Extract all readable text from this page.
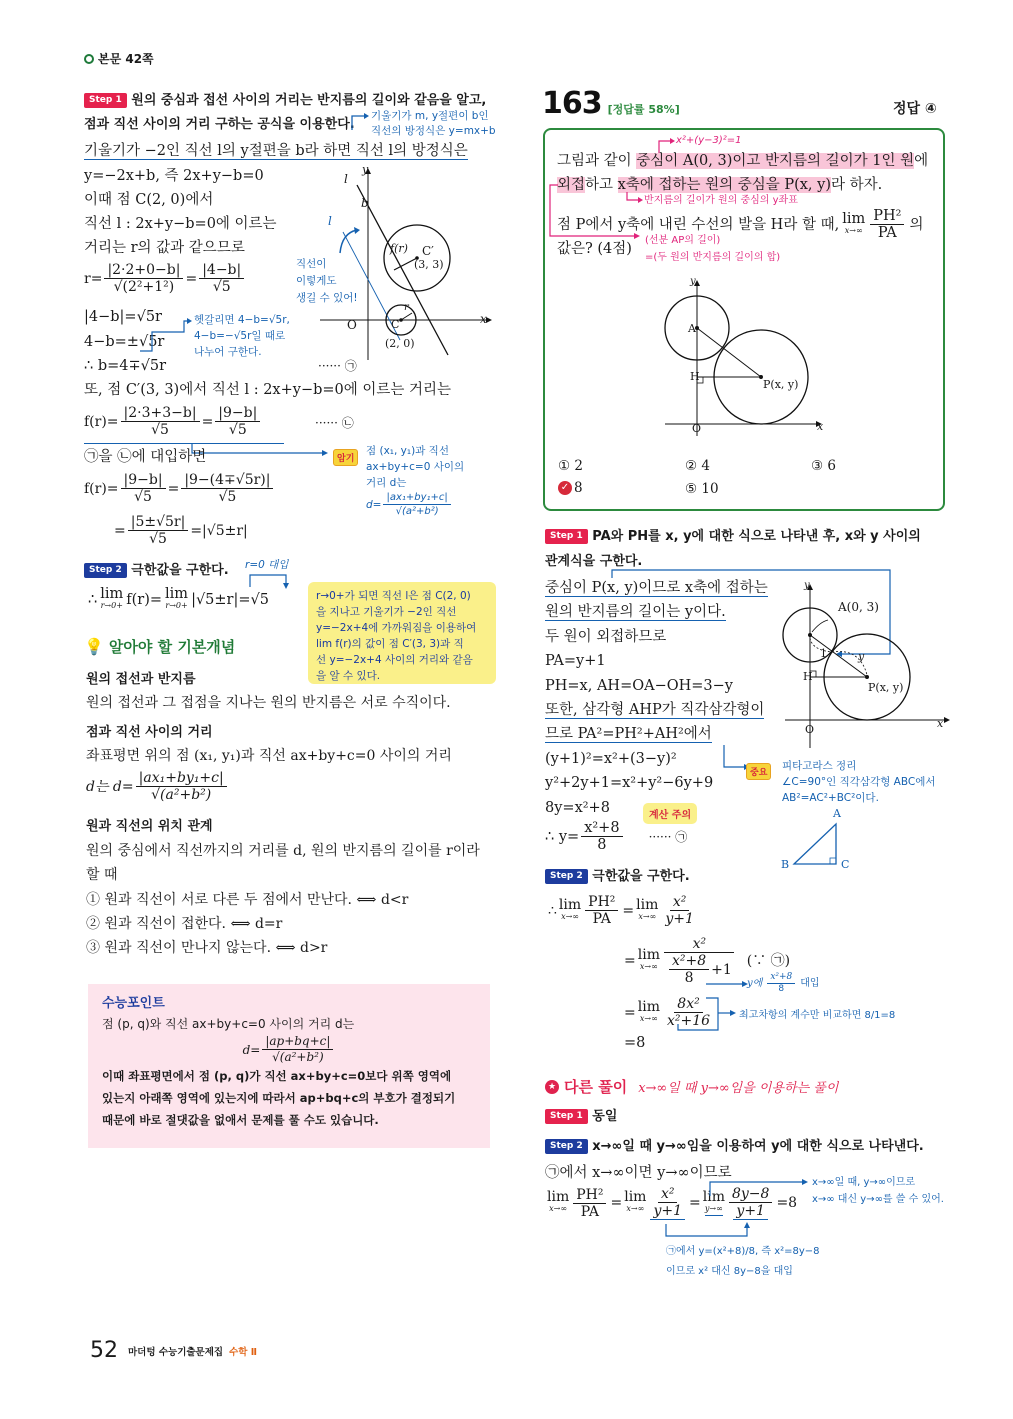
본문 42쪽
Step 1 원의 중심과 접선 사이의 거리는 반지름의 길이와 같음을 알고,
점과 직선 사이의 거리 구하는 공식을 이용한다.
기울기가 m, y절편이 b인
직선의 방정식은 y=mx+b
기울기가 −2인 직선 l의 y절편을 b라 하면 직선 l의 방정식은
y=−2x+b, 즉 2x+y−b=0
이때 점 C(2, 0)에서
직선 l : 2x+y−b=0에 이르는
거리는 r의 값과 같으므로
$r= \frac{|2\cdot 2+0-b|}{\text{√(2²+1²)}} = \frac{|4-b|}{√5}$
|4−b|=√5r
4−b=±√5r
∴ b=4∓√5r
헷갈리면 4−b=√5r,
4−b=−√5r일 때로
나누어 구한다.
······ ㉠
y
x
O
l
l
b
f(r) C′
(3, 3)
C
(2, 0)
r
직선이
이렇게도
생길 수 있어!
또, 점 C′(3, 3)에서 직선 l : 2x+y−b=0에 이르는 거리는
$f(r)= \frac{|2\cdot 3+3-b|}{√5} = \frac{|9-b|}{√5}$	······ ㉡
㉠을 ㉡에 대입하면	암기
점 (x₁, y₁)과 직선
ax+by+c=0 사이의
거리 d는
$d= \frac{\text{|ax₁+by₁+c|}}{\text{√(a²+b²)}}$
$f(r)= \frac{|9-b|}{√5} = \frac{|9-(4\mp√5r)|}{√5}$
= $\frac{|5\pm√5r|}{√5} =|√5\pm r|$
Step 2 극한값을 구한다. r=0 대입
∴ lim
r→0+ f(r)= lim
r→0+ |√5±r|=√5	r→0+가 되면 직선 l은 점 C(2, 0)
을 지나고 기울기가 −2인 직선
y=−2x+4에 가까워짐을 이용하여
lim f(r)의 값이 점 C′(3, 3)과 직
선 y=−2x+4 사이의 거리와 같음
을 알 수 있다.
💡 알아야 할 기본개념
원의 접선과 반지름
원의 접선과 그 접점을 지나는 원의 반지름은 서로 수직이다.
점과 직선 사이의 거리
좌표평면 위의 점 (x₁, y₁)과 직선 ax+by+c=0 사이의 거리
d는 $d= \frac{\text{|ax₁+by₁+c|}}{\text{√(a²+b²)}}$
원과 직선의 위치 관계
원의 중심에서 직선까지의 거리를 d, 원의 반지름의 길이를 r이라
할 때
① 원과 직선이 서로 다른 두 점에서 만난다. ⟺ d<r
② 원과 직선이 접한다. ⟺ d=r
③ 원과 직선이 만나지 않는다. ⟺ d>r
수능포인트
점 (p, q)와 직선 ax+by+c=0 사이의 거리 d는
$d= \frac{|ap+bq+c|}{\text{√(a²+b²)}}$
이때 좌표평면에서 점 (p, q)가 직선 ax+by+c=0보다 위쪽 영역에
있는지 아래쪽 영역에 있는지에 따라서 ap+bq+c의 부호가 결정되기
때문에 바로 절댓값을 없애서 문제를 풀 수도 있습니다.
163 [정답률 58%]	정답 ④
x²+(y−3)²=1
그림과 같이 중심이 A(0, 3)이고 반지름의 길이가 1인 원에
외접하고 x축에 접하는 원의 중심을 P(x, y)라 하자.
반지름의 길이가 원의 중심의 y좌표
점 P에서 y축에 내린 수선의 발을 H라 할 때, lim
$x\to\infty \frac{\text{PH²}}{PA}$ 의
값은? (4점)
(선분 AP의 길이)
=(두 원의 반지름의 길이의 합)
y
x
O
A
H
P(x, y)
① 2	② 4	③ 6
✓ 8	⑤ 10
Step 1 PA와 PH를 x, y에 대한 식으로 나타낸 후, x와 y 사이의
관계식을 구한다.
중심이 P(x, y)이므로 x축에 접하는
원의 반지름의 길이는 y이다.
두 원이 외접하므로
PA=y+1
PH=x, AH=OA−OH=3−y
또한, 삼각형 AHP가 직각삼각형이
므로 PA²=PH²+AH²에서
(y+1)²=x²+(3−y)²
y²+2y+1=x²+y²−6y+9
8y=x²+8
∴ $y= \frac{\text{x²+8}}{8}$ ······ ㉠
계산 주의
y
x
O
A(0, 3)
H
P(x, y)
1	y
중요
피타고라스 정리
∠C=90°인 직각삼각형 ABC에서
AB²=AC²+BC²이다.
A
B	C
Step 2 극한값을 구한다.
∴ lim
$x\to\infty \frac{\text{PH²}}{PA} = \lim$
$x\to\infty \frac{\text{x²}}{y+1}$
= lim
$x\to\infty \frac{\text{x²}}{\frac{\text{x²+8}}{8} +1}$ (∵ ㉠)
y에 $\frac{\text{x²+8}}{8}$ 대입
= lim
$x\to\infty \frac{\text{8x²}}{\text{x²+16}}$	최고차항의 계수만 비교하면 8/1=8
=8
★ 다른 풀이 x→∞일 때 y→∞임을 이용하는 풀이
Step 1 동일
Step 2 x→∞일 때 y→∞임을 이용하여 y에 대한 식으로 나타낸다.
㉠에서 x→∞이면 y→∞이므로
lim
$x\to\infty \frac{\text{PH²}}{PA} = \lim$
$x\to\infty \frac{\text{x²}}{y+1} = \lim$
$y\to\infty \frac{8y-8}{y+1} =8$
x→∞일 때, y→∞이므로
x→∞ 대신 y→∞를 쓸 수 있어.
㉠에서 y=(x²+8)/8, 즉 x²=8y−8
이므로 x² 대신 8y−8을 대입
52 마더텅 수능기출문제집 수학 Ⅱ
